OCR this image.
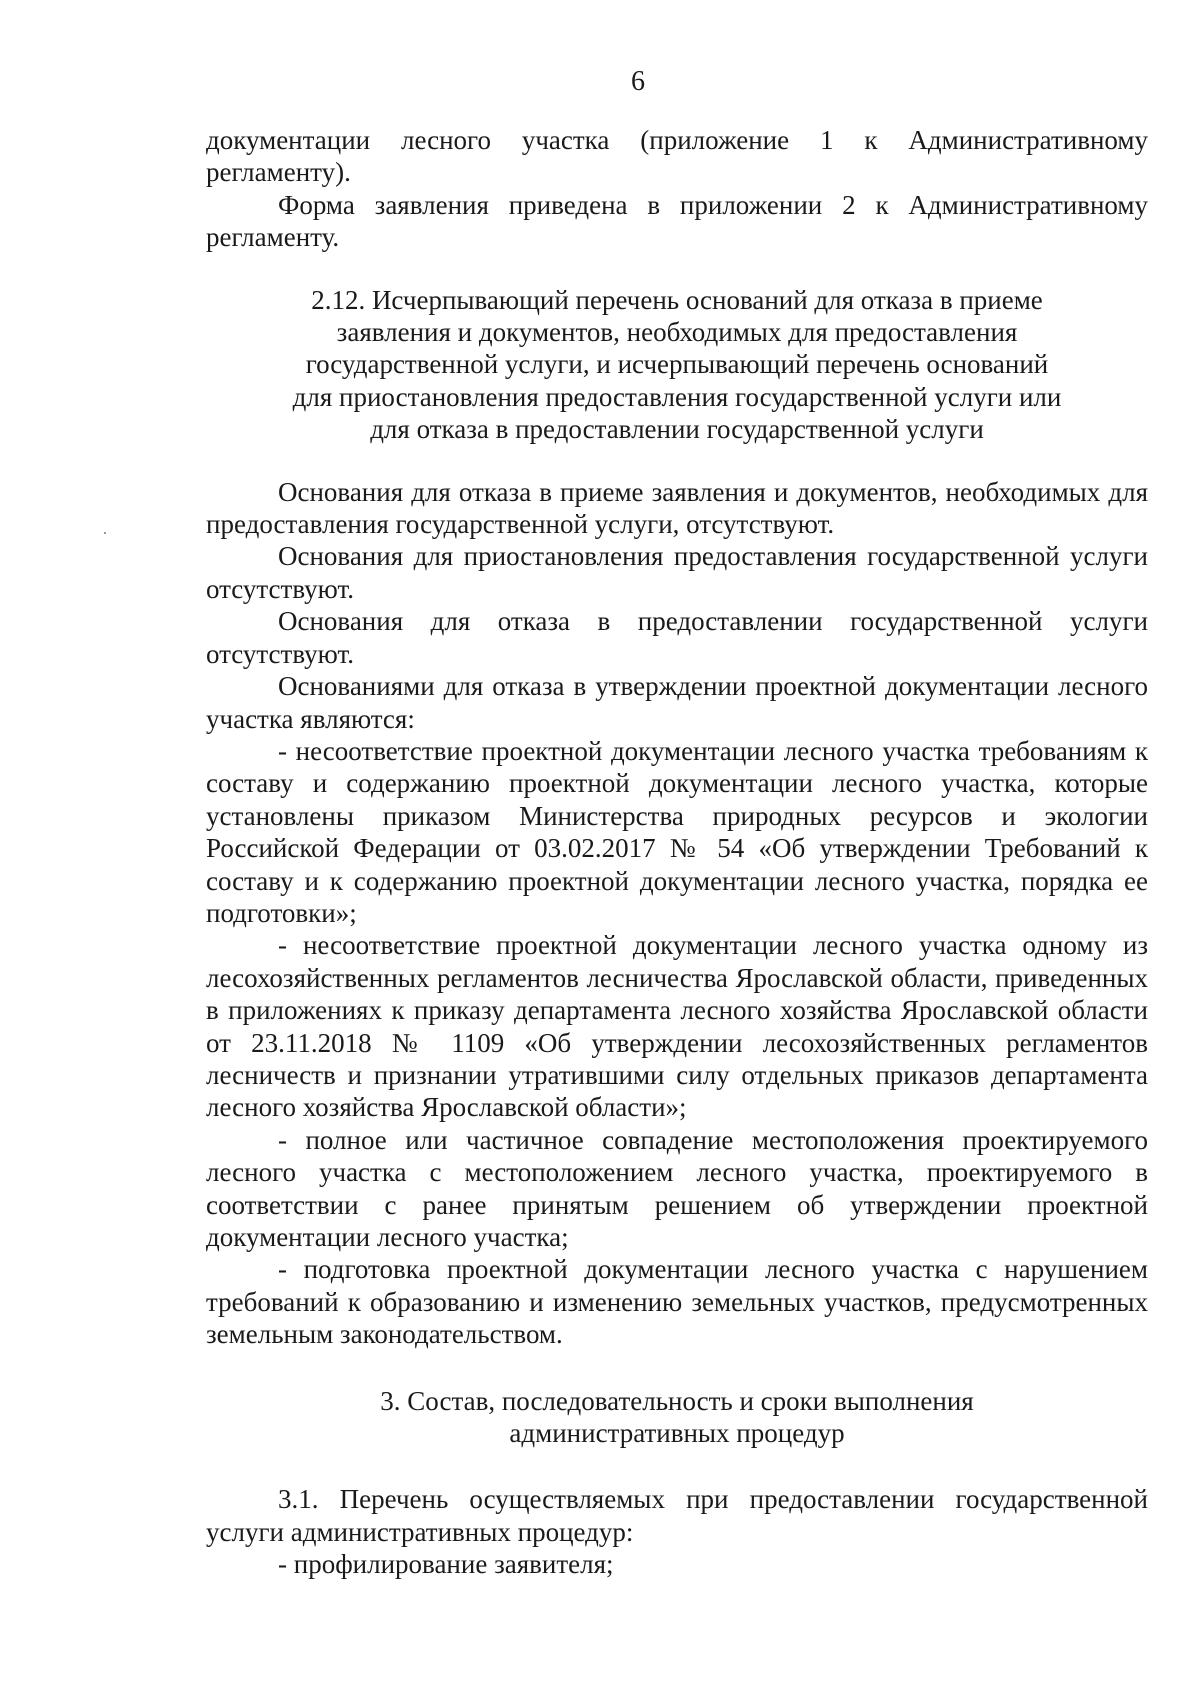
6

документации лесного участка (приложение 1 к Административному регламенту).

Форма заявления приведена в приложении 2 к Административному регламенту.

2.12. Исчерпывающий перечень оснований для отказа в приеме
заявления и документов, необходимых для предоставления
государственной услуги, и исчерпывающий перечень оснований
для приостановления предоставления государственной услуги или
для отказа в предоставлении государственной услуги

Основания для отказа в приеме заявления и документов, необходимых для предоставления государственной услуги, отсутствуют.

Основания для приостановления предоставления государственной услуги отсутствуют.

Основания для отказа в предоставлении государственной услуги отсутствуют.

Основаниями для отказа в утверждении проектной документации лесного участка являются:

- несоответствие проектной документации лесного участка требованиям к составу и содержанию проектной документации лесного участка, которые установлены приказом Министерства природных ресурсов и экологии Российской Федерации от 03.02.2017 № 54 «Об утверждении Требований к составу и к содержанию проектной документации лесного участка, порядка ее подготовки»;

- несоответствие проектной документации лесного участка одному из лесохозяйственных регламентов лесничества Ярославской области, приведенных в приложениях к приказу департамента лесного хозяйства Ярославской области от 23.11.2018 № 1109 «Об утверждении лесохозяйственных регламентов лесничеств и признании утратившими силу отдельных приказов департамента лесного хозяйства Ярославской области»;

- полное или частичное совпадение местоположения проектируемого лесного участка с местоположением лесного участка, проектируемого в соответствии с ранее принятым решением об утверждении проектной документации лесного участка;

- подготовка проектной документации лесного участка с нарушением требований к образованию и изменению земельных участков, предусмотренных земельным законодательством.

3. Состав, последовательность и сроки выполнения
административных процедур

3.1. Перечень осуществляемых при предоставлении государственной услуги административных процедур:

- профилирование заявителя;
